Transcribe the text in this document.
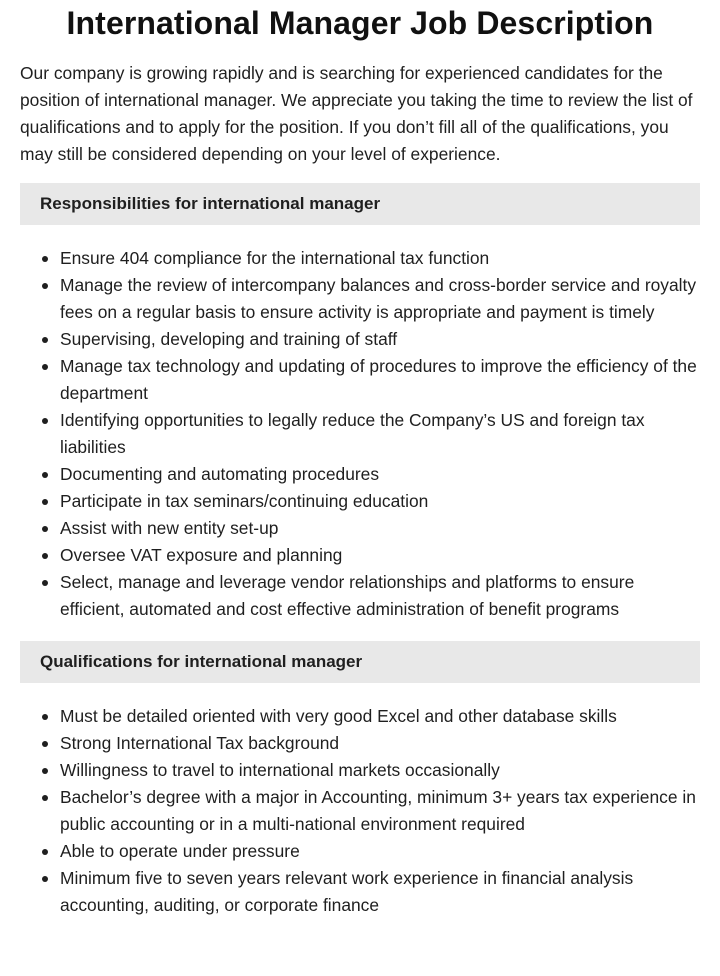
International Manager Job Description

Our company is growing rapidly and is searching for experienced candidates for the position of international manager. We appreciate you taking the time to review the list of qualifications and to apply for the position. If you don’t fill all of the qualifications, you may still be considered depending on your level of experience.

Responsibilities for international manager
Ensure 404 compliance for the international tax function
Manage the review of intercompany balances and cross-border service and royalty fees on a regular basis to ensure activity is appropriate and payment is timely
Supervising, developing and training of staff
Manage tax technology and updating of procedures to improve the efficiency of the department
Identifying opportunities to legally reduce the Company’s US and foreign tax liabilities
Documenting and automating procedures
Participate in tax seminars/continuing education
Assist with new entity set-up
Oversee VAT exposure and planning
Select, manage and leverage vendor relationships and platforms to ensure efficient, automated and cost effective administration of benefit programs
Qualifications for international manager
Must be detailed oriented with very good Excel and other database skills
Strong International Tax background
Willingness to travel to international markets occasionally
Bachelor’s degree with a major in Accounting, minimum 3+ years tax experience in public accounting or in a multi-national environment required
Able to operate under pressure
Minimum five to seven years relevant work experience in financial analysis accounting, auditing, or corporate finance
